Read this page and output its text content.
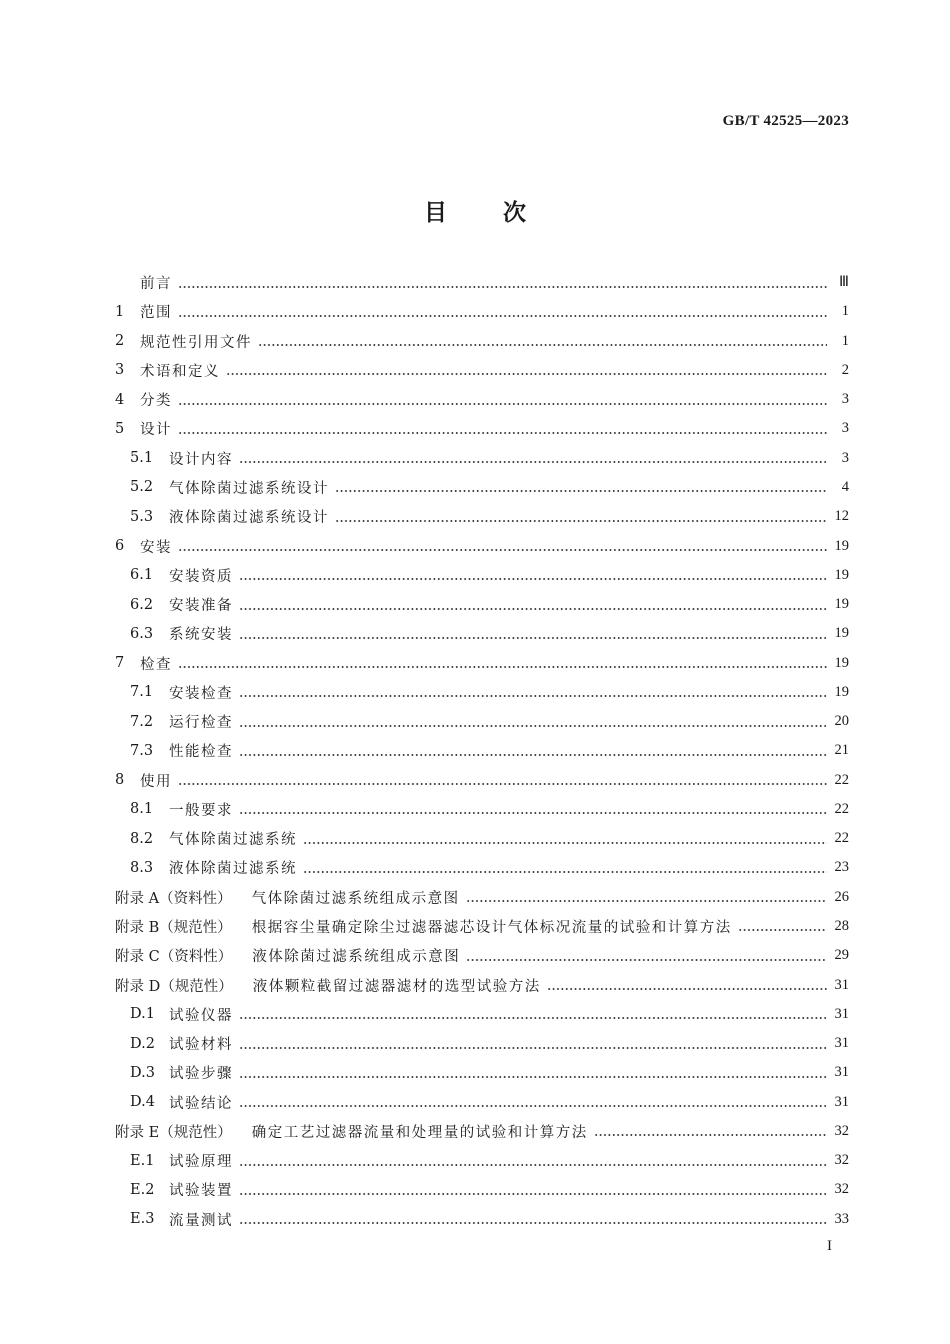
GB/T 42525—2023
目次
前言	Ⅲ
1	范围	1
2	规范性引用文件	1
3	术语和定义	2
4	分类	3
5	设计	3
5.1	设计内容	3
5.2	气体除菌过滤系统设计	4
5.3	液体除菌过滤系统设计	12
6	安装	19
6.1	安装资质	19
6.2	安装准备	19
6.3	系统安装	19
7	检查	19
7.1	安装检查	19
7.2	运行检查	20
7.3	性能检查	21
8	使用	22
8.1	一般要求	22
8.2	气体除菌过滤系统	22
8.3	液体除菌过滤系统	23
附录 A（资料性） 气体除菌过滤系统组成示意图	26
附录 B（规范性） 根据容尘量确定除尘过滤器滤芯设计气体标况流量的试验和计算方法	28
附录 C（资料性） 液体除菌过滤系统组成示意图	29
附录 D（规范性） 液体颗粒截留过滤器滤材的选型试验方法	31
D.1 试验仪器	31
D.2 试验材料	31
D.3 试验步骤	31
D.4 试验结论	31
附录 E（规范性） 确定工艺过滤器流量和处理量的试验和计算方法	32
E.1	试验原理	32
E.2	试验装置	32
E.3	流量测试	33
I
